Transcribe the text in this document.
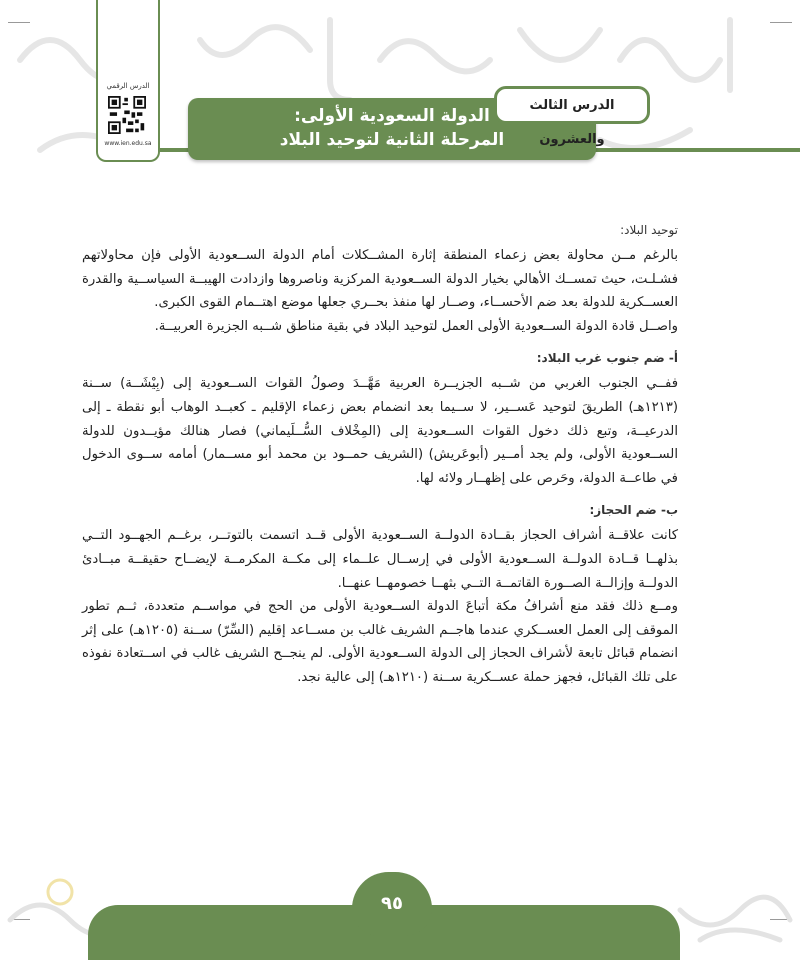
الدرس الرقمي
www.ien.edu.sa
الدولة السعودية الأولى:
المرحلة الثانية لتوحيد البلاد
الدرس الثالث والعشرون
توحيد البلاد:

بالرغم مــن محاولة بعض زعماء المنطقة إثارة المشــكلات أمام الدولة الســعودية الأولى فإن محاولاتهم فشـلـت، حيث تمســك الأهالي بخيار الدولة الســعودية المركزية وناصروها وازدادت الهيبــة السياســية والقدرة العســكرية للدولة بعد ضم الأحســاء، وصــار لها منفذ بحــري جعلها موضع اهتــمام القوى الكبرى.

واصــل قادة الدولة الســعودية الأولى العمل لتوحيد البلاد في بقية مناطق شــبه الجزيرة العربيــة.

أ- ضم جنوب غرب البلاد:

ففــي الجنوب الغربي من شــبه الجزيــرة العربية مَهَّــدَ وصولُ القوات الســعودية إلى (بِيْشَــة) ســنة (١٢١٣هـ) الطريقَ لتوحيد عَســير، لا ســيما بعد انضمام بعض زعماء الإقليم ـ كعبــد الوهاب أبو نقطة ـ إلى الدرعيــة، وتبع ذلك دخول القوات الســعودية إلى (المِخْلاف السُّــلَيماني) فصار هنالك مؤيــدون للدولة الســعودية الأولى، ولم يجد أمــير (أبوعَريش) (الشريف حمــود بن محمد أبو مســمار) أمامه ســوى الدخول في طاعــة الدولة، وحَرص على إظهــار ولائه لها.

ب- ضم الحجاز:

كانت علاقــة أشراف الحجاز بقــادة الدولــة الســعودية الأولى قــد اتسمت بالتوتــر، برغــم الجهــود التــي بذلهــا قــادة الدولــة الســعودية الأولى في إرســال علــماء إلى مكــة المكرمــة لإيضــاح حقيقــة مبــادئ الدولــة وإزالــة الصــورة القاتمــة التــي بثهــا خصومهــا عنهــا.

ومــع ذلك فقد منع أشرافُ مكة أتباعَ الدولة الســعودية الأولى من الحج في مواســم متعددة، ثــم تطور الموقف إلى العمل العســكري عندما هاجــم الشريف غالب بن مســاعد إقليم (السِّرّ) ســنة (١٢٠٥هـ) على إثر انضمام قبائل تابعة لأشراف الحجاز إلى الدولة الســعودية الأولى. لم ينجــح الشريف غالب في اســتعادة نفوذه على تلك القبائل، فجهز حملة عســكرية ســنة (١٢١٠هـ) إلى عالية نجد.

٩٥
